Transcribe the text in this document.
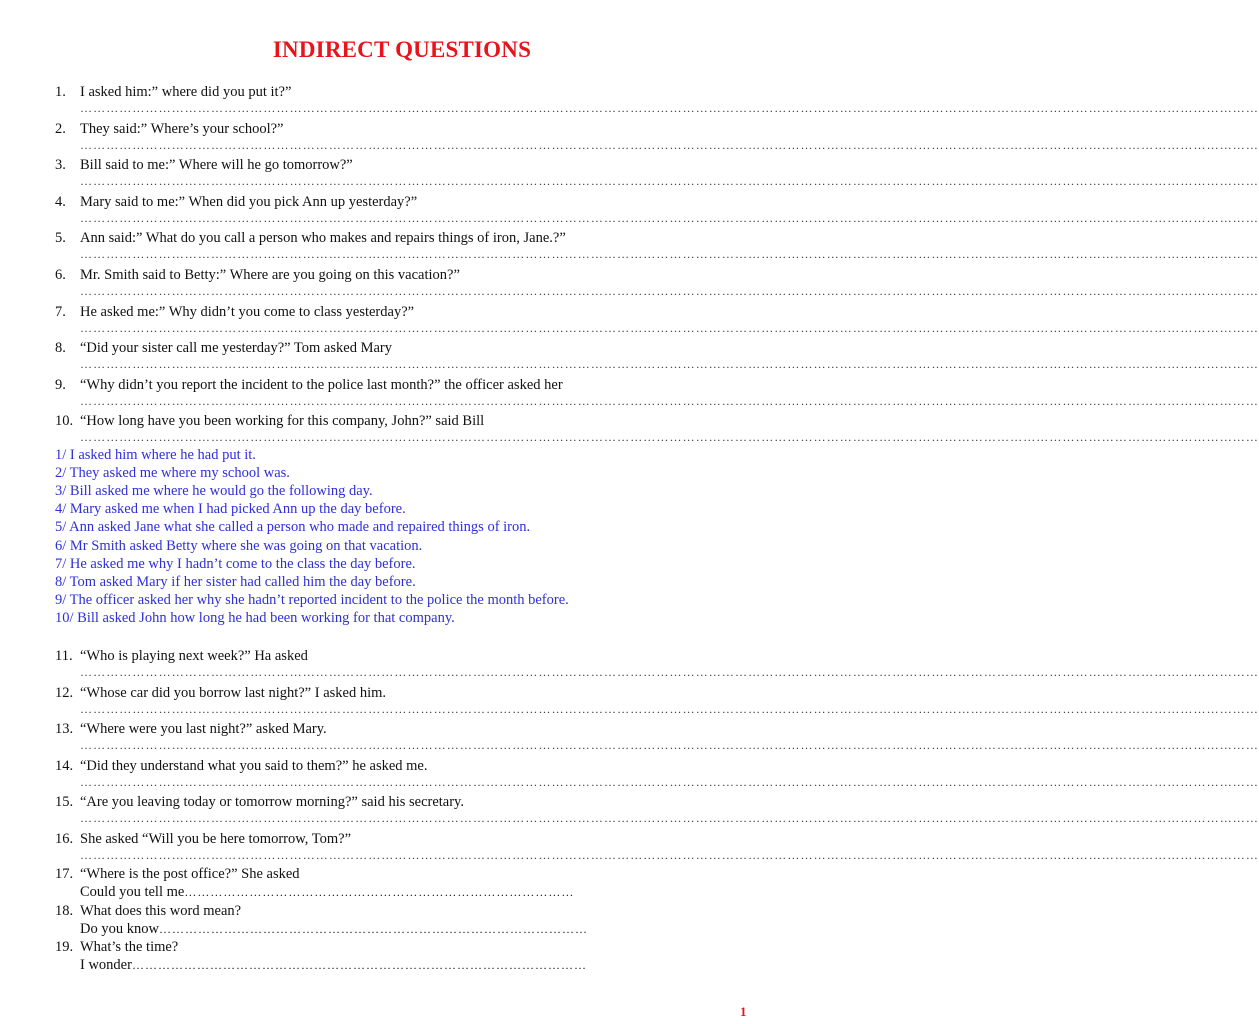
INDIRECT QUESTIONS
1. I asked him:” where did you put it?”
………………………………………………………………………………………………………………………………………………………………………………………………………………………………………………
2. They said:” Where’s your school?”
………………………………………………………………………………………………………………………………………………………………………………………………………………………………………………
3. Bill said to me:” Where will he go tomorrow?”
………………………………………………………………………………………………………………………………………………………………………………………………………………………………………………
4. Mary said to me:” When did you pick Ann up yesterday?”
………………………………………………………………………………………………………………………………………………………………………………………………………………………………………………
5. Ann said:” What do you call a person who makes and repairs things of iron, Jane.?”
………………………………………………………………………………………………………………………………………………………………………………………………………………………………………………
6. Mr. Smith said to Betty:” Where are you going on this vacation?”
………………………………………………………………………………………………………………………………………………………………………………………………………………………………………………
7. He asked me:” Why didn’t you come to class yesterday?”
………………………………………………………………………………………………………………………………………………………………………………………………………………………………………………
8. “Did your sister call me yesterday?” Tom asked Mary
………………………………………………………………………………………………………………………………………………………………………………………………………………………………………………
9. “Why didn’t you report the incident to the police last month?” the officer asked her
………………………………………………………………………………………………………………………………………………………………………………………………………………………………………………
10. “How long have you been working for this company, John?” said Bill
………………………………………………………………………………………………………………………………………………………………………………………………………………………………………………
1/ I asked him where he had put it.
2/ They asked me where my school was.
3/ Bill asked me where he would go the following day.
4/ Mary asked me when I had picked Ann up the day before.
5/ Ann asked Jane what she called a person who made and repaired things of iron.
6/ Mr Smith asked Betty where she was going on that vacation.
7/ He asked me why I hadn’t come to the class the day before.
8/ Tom asked Mary if her sister had called him the day before.
9/ The officer asked her why she hadn’t reported incident to the police the month before.
10/ Bill asked John how long he had been working for that company.
11. “Who is playing next week?” Ha asked
………………………………………………………………………………………………………………………………………………………………………………………………………………………………………………
12. “Whose car did you borrow last night?” I asked him.
………………………………………………………………………………………………………………………………………………………………………………………………………………………………………………
13. “Where were you last night?” asked Mary.
………………………………………………………………………………………………………………………………………………………………………………………………………………………………………………
14. “Did they understand what you said to them?” he asked me.
………………………………………………………………………………………………………………………………………………………………………………………………………………………………………………
15. “Are you leaving today or tomorrow morning?” said his secretary.
………………………………………………………………………………………………………………………………………………………………………………………………………………………………………………
16. She asked “Will you be here tomorrow, Tom?”
………………………………………………………………………………………………………………………………………………………………………………………………………………………………………………
17. “Where is the post office?” She asked
Could you tell me………………………………………………………………………………
18. What does this word mean?
Do you know………………………………………………………………………………………
19. What’s the time?
I wonder……………………………………………………………………………………………
1
